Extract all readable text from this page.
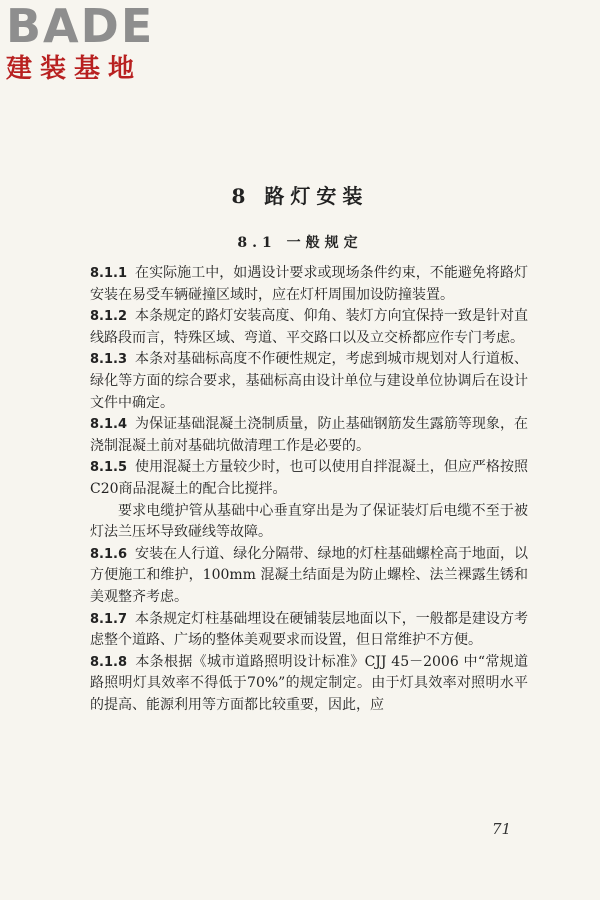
BADE
建装基地
8 路灯安装
8.1 一般规定

8.1.1 在实际施工中，如遇设计要求或现场条件约束，不能避免将路灯安装在易受车辆碰撞区域时，应在灯杆周围加设防撞装置。

8.1.2 本条规定的路灯安装高度、仰角、装灯方向宜保持一致是针对直线路段而言，特殊区域、弯道、平交路口以及立交桥都应作专门考虑。

8.1.3 本条对基础标高度不作硬性规定，考虑到城市规划对人行道板、绿化等方面的综合要求，基础标高由设计单位与建设单位协调后在设计文件中确定。

8.1.4 为保证基础混凝土浇制质量，防止基础钢筋发生露筋等现象，在浇制混凝土前对基础坑做清理工作是必要的。

8.1.5 使用混凝土方量较少时，也可以使用自拌混凝土，但应严格按照C20商品混凝土的配合比搅拌。

要求电缆护管从基础中心垂直穿出是为了保证装灯后电缆不至于被灯法兰压坏导致碰线等故障。

8.1.6 安装在人行道、绿化分隔带、绿地的灯柱基础螺栓高于地面，以方便施工和维护，100mm 混凝土结面是为防止螺栓、法兰裸露生锈和美观整齐考虑。

8.1.7 本条规定灯柱基础埋设在硬铺装层地面以下，一般都是建设方考虑整个道路、广场的整体美观要求而设置，但日常维护不方便。

8.1.8 本条根据《城市道路照明设计标准》CJJ 45－2006 中“常规道路照明灯具效率不得低于70%”的规定制定。由于灯具效率对照明水平的提高、能源利用等方面都比较重要，因此，应

71
